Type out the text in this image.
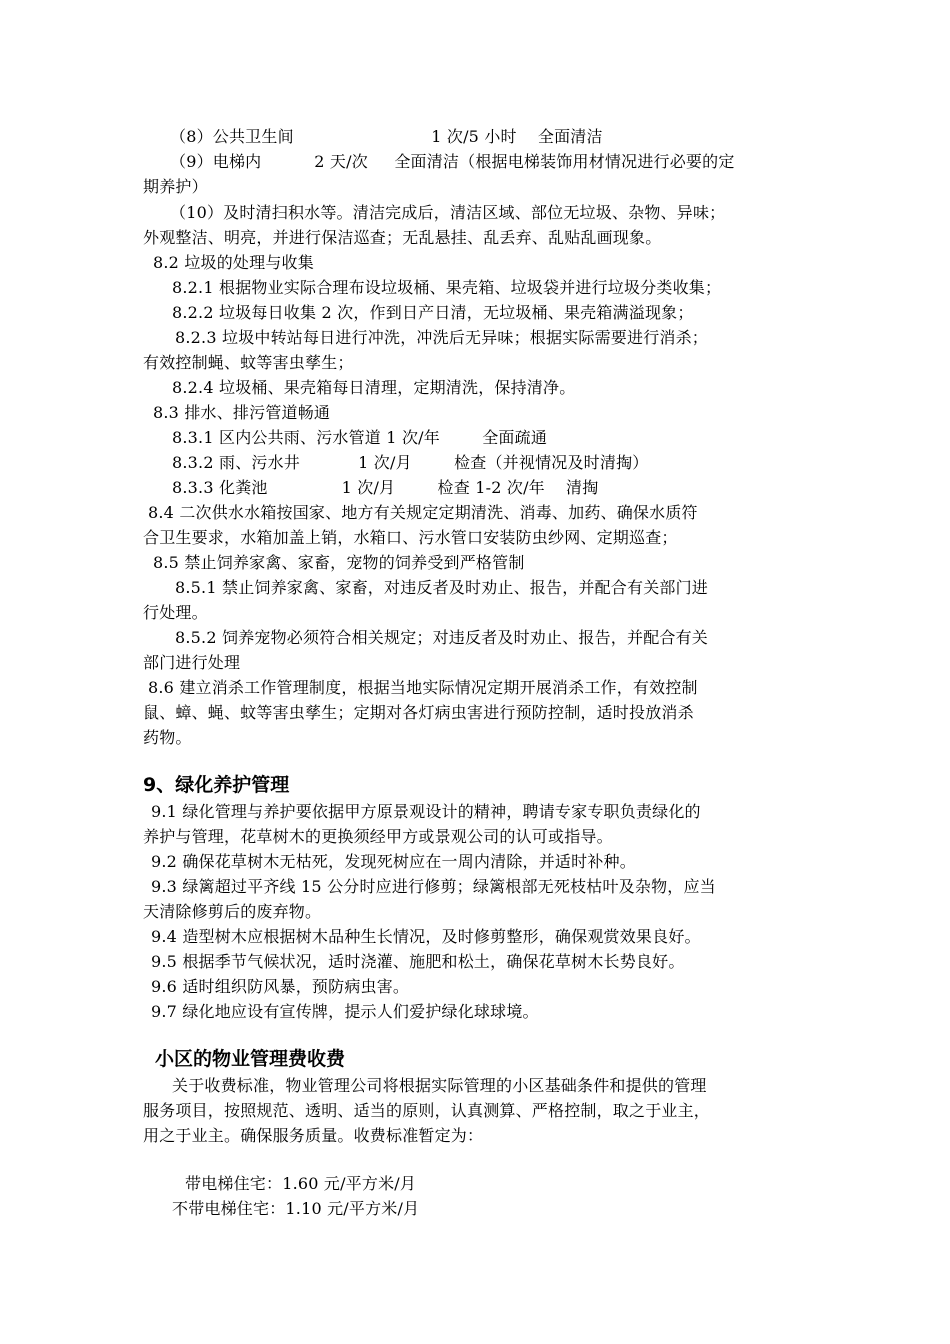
（8）公共卫生间                          1 次/5 小时    全面清洁
（9）电梯内          2 天/次     全面清洁（根据电梯装饰用材情况进行必要的定
期养护）
（10）及时清扫积水等。清洁完成后，清洁区域、部位无垃圾、杂物、异味；
外观整洁、明亮，并进行保洁巡查；无乱悬挂、乱丢弃、乱贴乱画现象。
8.2 垃圾的处理与收集
8.2.1 根据物业实际合理布设垃圾桶、果壳箱、垃圾袋并进行垃圾分类收集；
8.2.2 垃圾每日收集 2 次，作到日产日清，无垃圾桶、果壳箱满溢现象；
8.2.3 垃圾中转站每日进行冲洗，冲洗后无异味；根据实际需要进行消杀；
有效控制蝇、蚊等害虫孳生；
8.2.4 垃圾桶、果壳箱每日清理，定期清洗，保持清净。
8.3 排水、排污管道畅通
8.3.1 区内公共雨、污水管道 1 次/年        全面疏通
8.3.2 雨、污水井           1 次/月        检查（并视情况及时清掏）
8.3.3 化粪池              1 次/月        检查 1-2 次/年    清掏
8.4 二次供水水箱按国家、地方有关规定定期清洗、消毒、加药、确保水质符
合卫生要求，水箱加盖上销，水箱口、污水管口安装防虫纱网、定期巡查；
8.5 禁止饲养家禽、家畜，宠物的饲养受到严格管制
8.5.1 禁止饲养家禽、家畜，对违反者及时劝止、报告，并配合有关部门进
行处理。
8.5.2 饲养宠物必须符合相关规定；对违反者及时劝止、报告，并配合有关
部门进行处理
8.6 建立消杀工作管理制度，根据当地实际情况定期开展消杀工作，有效控制
鼠、蟑、蝇、蚊等害虫孳生；定期对各灯病虫害进行预防控制，适时投放消杀
药物。
9、绿化养护管理
9.1 绿化管理与养护要依据甲方原景观设计的精神，聘请专家专职负责绿化的
养护与管理，花草树木的更换须经甲方或景观公司的认可或指导。
9.2 确保花草树木无枯死，发现死树应在一周内清除，并适时补种。
9.3 绿篱超过平齐线 15 公分时应进行修剪；绿篱根部无死枝枯叶及杂物，应当
天清除修剪后的废弃物。
9.4 造型树木应根据树木品种生长情况，及时修剪整形，确保观赏效果良好。
9.5 根据季节气候状况，适时浇灌、施肥和松土，确保花草树木长势良好。
9.6 适时组织防风暴，预防病虫害。
9.7 绿化地应设有宣传牌，提示人们爱护绿化球球境。
小区的物业管理费收费
关于收费标准，物业管理公司将根据实际管理的小区基础条件和提供的管理
服务项目，按照规范、透明、适当的原则，认真测算、严格控制，取之于业主，
用之于业主。确保服务质量。收费标准暂定为：
带电梯住宅：1.60 元/平方米/月
不带电梯住宅：1.10 元/平方米/月
